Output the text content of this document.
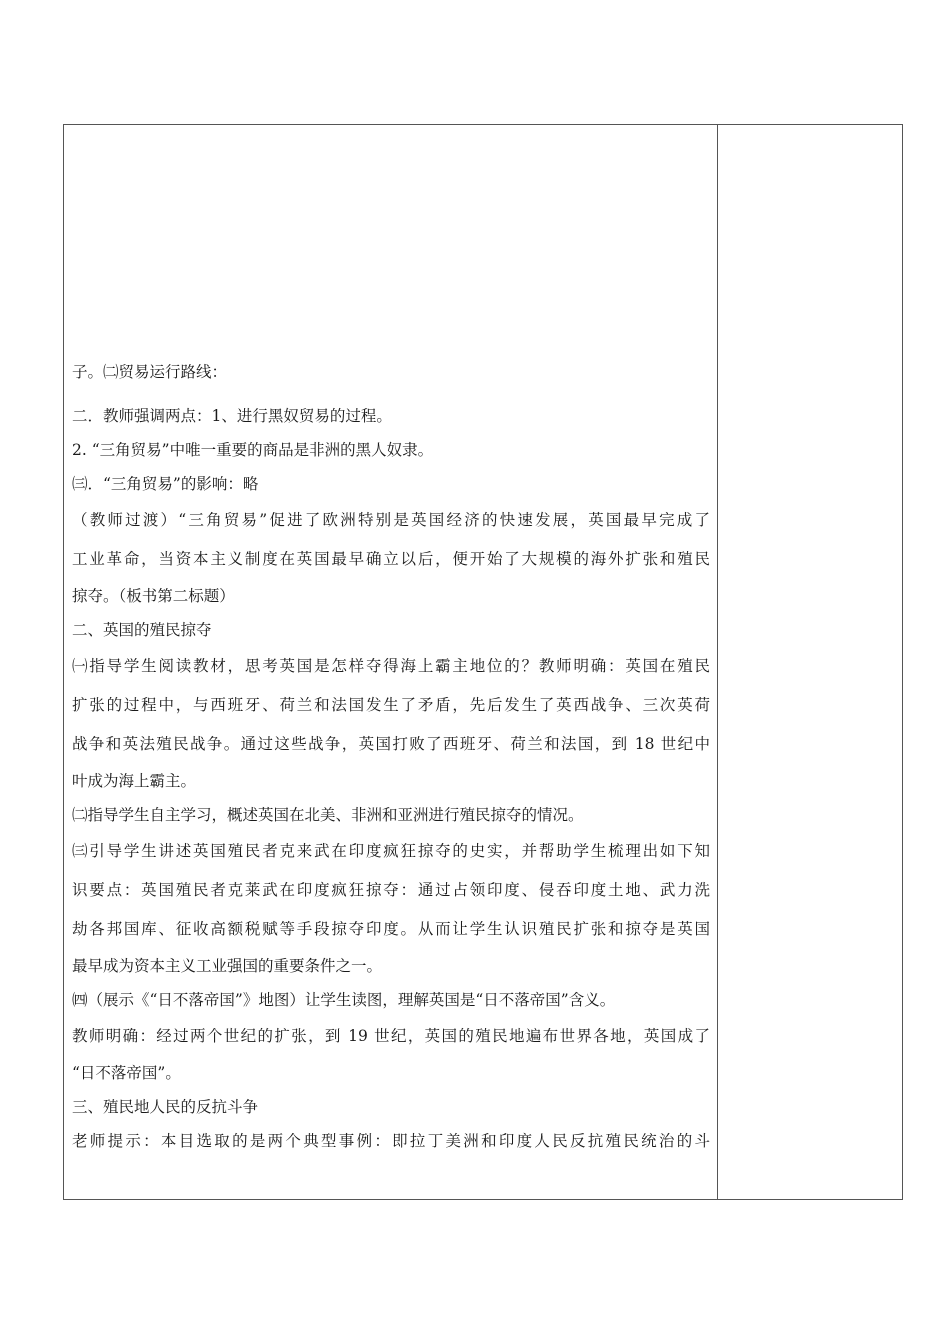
子。㈡贸易运行路线：
二．教师强调两点：1、进行黑奴贸易的过程。
2. “三角贸易”中唯一重要的商品是非洲的黑人奴隶。
㈢．“三角贸易”的影响：略
（教师过渡）“三角贸易”促进了欧洲特别是英国经济的快速发展，英国最早完成了
工业革命，当资本主义制度在英国最早确立以后，便开始了大规模的海外扩张和殖民
掠夺。（板书第二标题）
二、英国的殖民掠夺
㈠指导学生阅读教材，思考英国是怎样夺得海上霸主地位的？教师明确：英国在殖民
扩张的过程中，与西班牙、荷兰和法国发生了矛盾，先后发生了英西战争、三次英荷
战争和英法殖民战争。通过这些战争，英国打败了西班牙、荷兰和法国，到 18 世纪中
叶成为海上霸主。
㈡指导学生自主学习，概述英国在北美、非洲和亚洲进行殖民掠夺的情况。
㈢引导学生讲述英国殖民者克来武在印度疯狂掠夺的史实，并帮助学生梳理出如下知
识要点：英国殖民者克莱武在印度疯狂掠夺：通过占领印度、侵吞印度土地、武力洗
劫各邦国库、征收高额税赋等手段掠夺印度。从而让学生认识殖民扩张和掠夺是英国
最早成为资本主义工业强国的重要条件之一。
㈣（展示《“日不落帝国”》地图）让学生读图，理解英国是“日不落帝国”含义。
教师明确：经过两个世纪的扩张，到 19 世纪，英国的殖民地遍布世界各地，英国成了
“日不落帝国”。
三、殖民地人民的反抗斗争
老师提示：本目选取的是两个典型事例：即拉丁美洲和印度人民反抗殖民统治的斗
